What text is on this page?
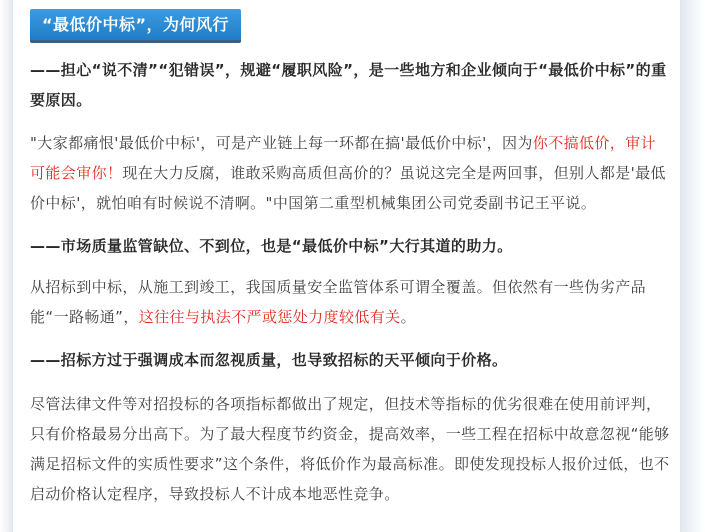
“最低价中标”，为何风行

——担心“说不清”“犯错误”，规避“履职风险”，是一些地方和企业倾向于“最低价中标”的重要原因。

"大家都痛恨'最低价中标'，可是产业链上每一环都在搞'最低价中标'，因为你不搞低价，审计可能会审你！现在大力反腐，谁敢采购高质但高价的？虽说这完全是两回事，但别人都是'最低价中标'，就怕咱有时候说不清啊。"中国第二重型机械集团公司党委副书记王平说。

——市场质量监管缺位、不到位，也是“最低价中标”大行其道的助力。

从招标到中标，从施工到竣工，我国质量安全监管体系可谓全覆盖。但依然有一些伪劣产品能“一路畅通”，这往往与执法不严或惩处力度较低有关。

——招标方过于强调成本而忽视质量，也导致招标的天平倾向于价格。

尽管法律文件等对招投标的各项指标都做出了规定，但技术等指标的优劣很难在使用前评判，只有价格最易分出高下。为了最大程度节约资金，提高效率，一些工程在招标中故意忽视“能够满足招标文件的实质性要求”这个条件，将低价作为最高标准。即使发现投标人报价过低，也不启动价格认定程序，导致投标人不计成本地恶性竞争。
